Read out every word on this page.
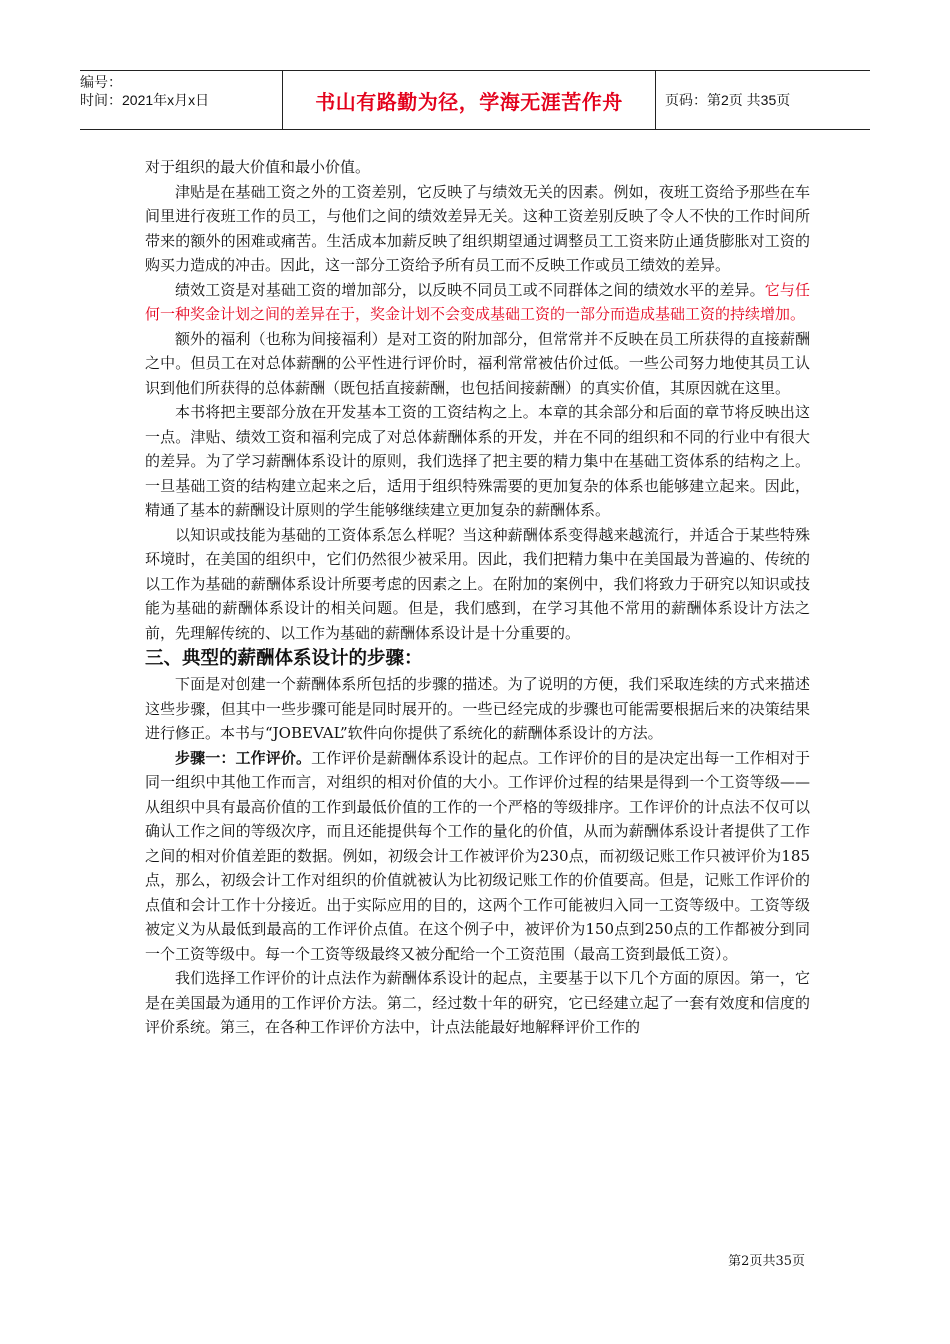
编号：
时间：2021年x月x日	书山有路勤为径，学海无涯苦作舟	页码：第2页 共35页

对于组织的最大价值和最小价值。

津贴是在基础工资之外的工资差别，它反映了与绩效无关的因素。例如，夜班工资给予那些在车间里进行夜班工作的员工，与他们之间的绩效差异无关。这种工资差别反映了令人不快的工作时间所带来的额外的困难或痛苦。生活成本加薪反映了组织期望通过调整员工工资来防止通货膨胀对工资的购买力造成的冲击。因此，这一部分工资给予所有员工而不反映工作或员工绩效的差异。

绩效工资是对基础工资的增加部分，以反映不同员工或不同群体之间的绩效水平的差异。它与任何一种奖金计划之间的差异在于，奖金计划不会变成基础工资的一部分而造成基础工资的持续增加。

额外的福利（也称为间接福利）是对工资的附加部分，但常常并不反映在员工所获得的直接薪酬之中。但员工在对总体薪酬的公平性进行评价时，福利常常被估价过低。一些公司努力地使其员工认识到他们所获得的总体薪酬（既包括直接薪酬，也包括间接薪酬）的真实价值，其原因就在这里。

本书将把主要部分放在开发基本工资的工资结构之上。本章的其余部分和后面的章节将反映出这一点。津贴、绩效工资和福利完成了对总体薪酬体系的开发，并在不同的组织和不同的行业中有很大的差异。为了学习薪酬体系设计的原则，我们选择了把主要的精力集中在基础工资体系的结构之上。一旦基础工资的结构建立起来之后，适用于组织特殊需要的更加复杂的体系也能够建立起来。因此，精通了基本的薪酬设计原则的学生能够继续建立更加复杂的薪酬体系。

以知识或技能为基础的工资体系怎么样呢？当这种薪酬体系变得越来越流行，并适合于某些特殊环境时，在美国的组织中，它们仍然很少被采用。因此，我们把精力集中在美国最为普遍的、传统的以工作为基础的薪酬体系设计所要考虑的因素之上。在附加的案例中，我们将致力于研究以知识或技能为基础的薪酬体系设计的相关问题。但是，我们感到，在学习其他不常用的薪酬体系设计方法之前，先理解传统的、以工作为基础的薪酬体系设计是十分重要的。

三、典型的薪酬体系设计的步骤：

下面是对创建一个薪酬体系所包括的步骤的描述。为了说明的方便，我们采取连续的方式来描述这些步骤，但其中一些步骤可能是同时展开的。一些已经完成的步骤也可能需要根据后来的决策结果进行修正。本书与“JOBEVAL”软件向你提供了系统化的薪酬体系设计的方法。

步骤一：工作评价。工作评价是薪酬体系设计的起点。工作评价的目的是决定出每一工作相对于同一组织中其他工作而言，对组织的相对价值的大小。工作评价过程的结果是得到一个工资等级——从组织中具有最高价值的工作到最低价值的工作的一个严格的等级排序。工作评价的计点法不仅可以确认工作之间的等级次序，而且还能提供每个工作的量化的价值，从而为薪酬体系设计者提供了工作之间的相对价值差距的数据。例如，初级会计工作被评价为230点，而初级记账工作只被评价为185点，那么，初级会计工作对组织的价值就被认为比初级记账工作的价值要高。但是，记账工作评价的点值和会计工作十分接近。出于实际应用的目的，这两个工作可能被归入同一工资等级中。工资等级被定义为从最低到最高的工作评价点值。在这个例子中，被评价为150点到250点的工作都被分到同一个工资等级中。每一个工资等级最终又被分配给一个工资范围（最高工资到最低工资）。

我们选择工作评价的计点法作为薪酬体系设计的起点，主要基于以下几个方面的原因。第一，它是在美国最为通用的工作评价方法。第二，经过数十年的研究，它已经建立起了一套有效度和信度的评价系统。第三，在各种工作评价方法中，计点法能最好地解释评价工作的

第2页共35页
